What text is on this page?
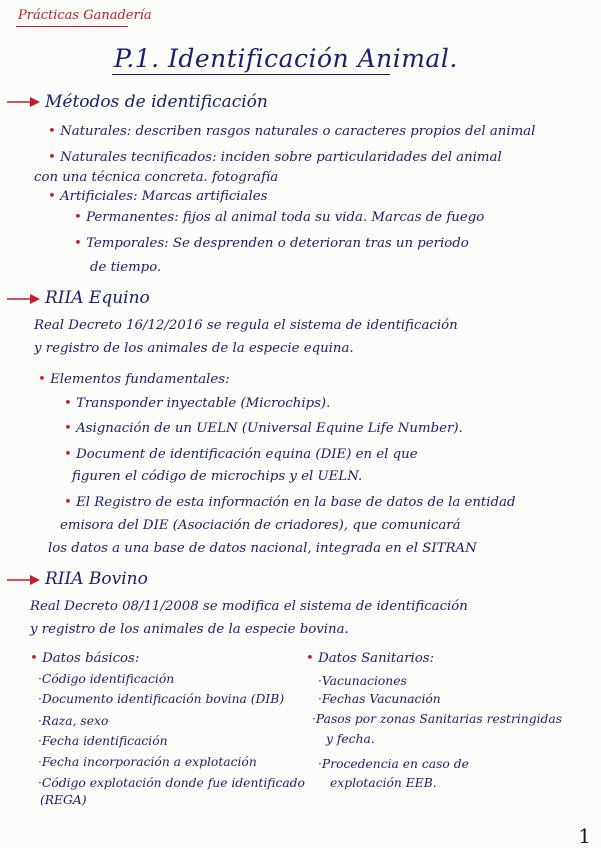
Prácticas Ganadería
P.1. Identificación Animal.
Métodos de identificación
• Naturales: describen rasgos naturales o caracteres propios del animal
• Naturales tecnificados: inciden sobre particularidades del animal
con una técnica concreta. fotografía
• Artificiales: Marcas artificiales
• Permanentes: fijos al animal toda su vida. Marcas de fuego
• Temporales: Se desprenden o deterioran tras un periodo
de tiempo.
RIIA Equino
Real Decreto 16/12/2016 se regula el sistema de identificación
y registro de los animales de la especie equina.
• Elementos fundamentales:
• Transponder inyectable (Microchips).
• Asignación de un UELN (Universal Equine Life Number).
• Document de identificación equina (DIE) en el que
figuren el código de microchips y el UELN.
• El Registro de esta información en la base de datos de la entidad
emisora del DIE (Asociación de criadores), que comunicará
los datos a una base de datos nacional, integrada en el SITRAN
RIIA Bovino
Real Decreto 08/11/2008 se modifica el sistema de identificación
y registro de los animales de la especie bovina.
• Datos básicos:
·Código identificación
·Documento identificación bovina (DIB)
·Raza, sexo
·Fecha identificación
·Fecha incorporación a explotación
·Código explotación donde fue identificado
(REGA)
• Datos Sanitarios:
·Vacunaciones
·Fechas Vacunación
·Pasos por zonas Sanitarias restringidas
y fecha.
·Procedencia en caso de
explotación EEB.
1
